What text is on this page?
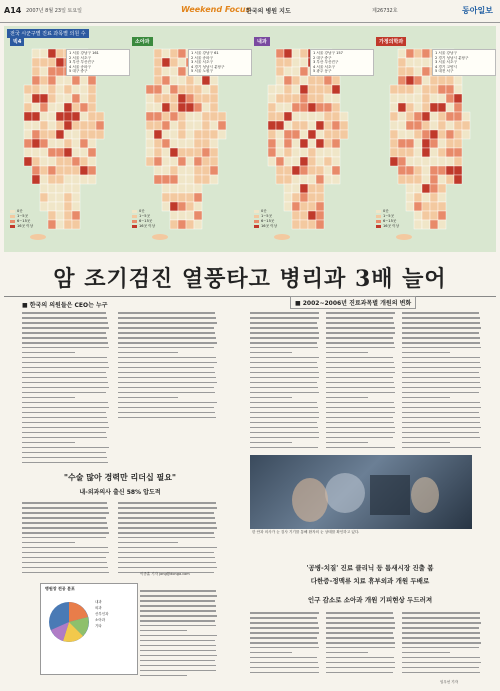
A14 2007년 8월 23일 토요일	Weekend Focus
한국의 병원 지도	제26732호	동아일보
전국 시군구별 진료 과목별 의원 수
빅4
1 서울 강남구 161
2 서울 서초구
3 부산 부산진구
4 서울 송파구
5 대구 중구
0곳
1~5곳
6~15곳
16곳 이상
소아과
1 서울 강남구 61
2 서울 송파구
3 서울 서초구
4 경기 성남시 분당구
5 서울 노원구
0곳
1~5곳
6~15곳
16곳 이상
내과
1 서울 강남구 157
2 대구 중구
3 부산 부산진구
4 서울 서초구
5 광주 동구
0곳
1~5곳
6~15곳
16곳 이상
가정의학과
1 서울 강남구
2 경기 성남시 분당구
3 서울 서초구
4 경기 고양시
5 대전 서구
0곳
1~5곳
6~15곳
16곳 이상
암 조기검진 열풍타고 병리과 3배 늘어
■ 한국의 의원들은 CEO는 누구	■ 2002~2006년 진료과목별 개원의 변화
"수술 많아 경력만 리더십 필요"
내-외과의사 출신 58% 압도적
'공병-치질' 진료 클리닉 등 틈새시장 진출 봄
다한증-정맥류 치료 휴부외과 개원 두배로
인구 감소로 소아과 개원 기피현상 두드러져
한 안과 의사가 눈 검사 기기를 통해 환자의 눈 상태를 확인하고 있다.
병원장 전공 분포
내과
외과
산부인과
소아과
기타
이종훈 기자 jong@donga.com
임우선 기자
